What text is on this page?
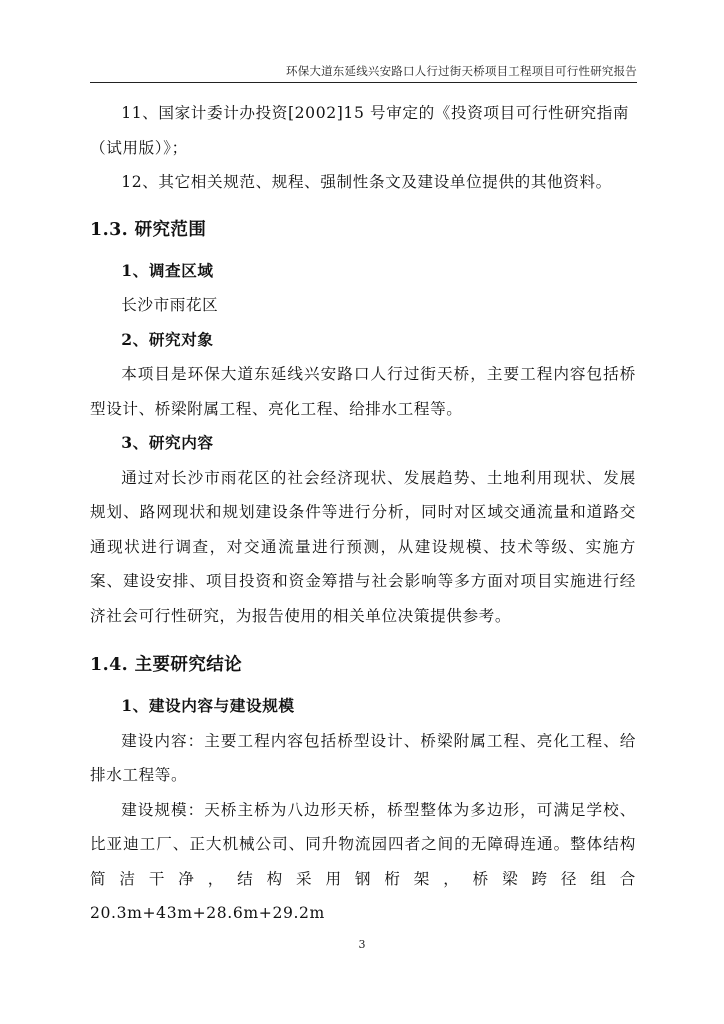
环保大道东延线兴安路口人行过街天桥项目工程项目可行性研究报告

11、国家计委计办投资[2002]15 号审定的《投资项目可行性研究指南

（试用版）》；

12、其它相关规范、规程、强制性条文及建设单位提供的其他资料。

1.3. 研究范围

1、调查区域

长沙市雨花区

2、研究对象

本项目是环保大道东延线兴安路口人行过街天桥，主要工程内容包括桥型设计、桥梁附属工程、亮化工程、给排水工程等。

3、研究内容

通过对长沙市雨花区的社会经济现状、发展趋势、土地利用现状、发展规划、路网现状和规划建设条件等进行分析，同时对区域交通流量和道路交通现状进行调查，对交通流量进行预测，从建设规模、技术等级、实施方案、建设安排、项目投资和资金筹措与社会影响等多方面对项目实施进行经济社会可行性研究，为报告使用的相关单位决策提供参考。

1.4. 主要研究结论

1、建设内容与建设规模

建设内容：主要工程内容包括桥型设计、桥梁附属工程、亮化工程、给排水工程等。

建设规模：天桥主桥为八边形天桥，桥型整体为多边形，可满足学校、比亚迪工厂、正大机械公司、同升物流园四者之间的无障碍连通。整体结构简洁干净，结构采用钢桁架，桥梁跨径组合 20.3m+43m+28.6m+29.2m

3
